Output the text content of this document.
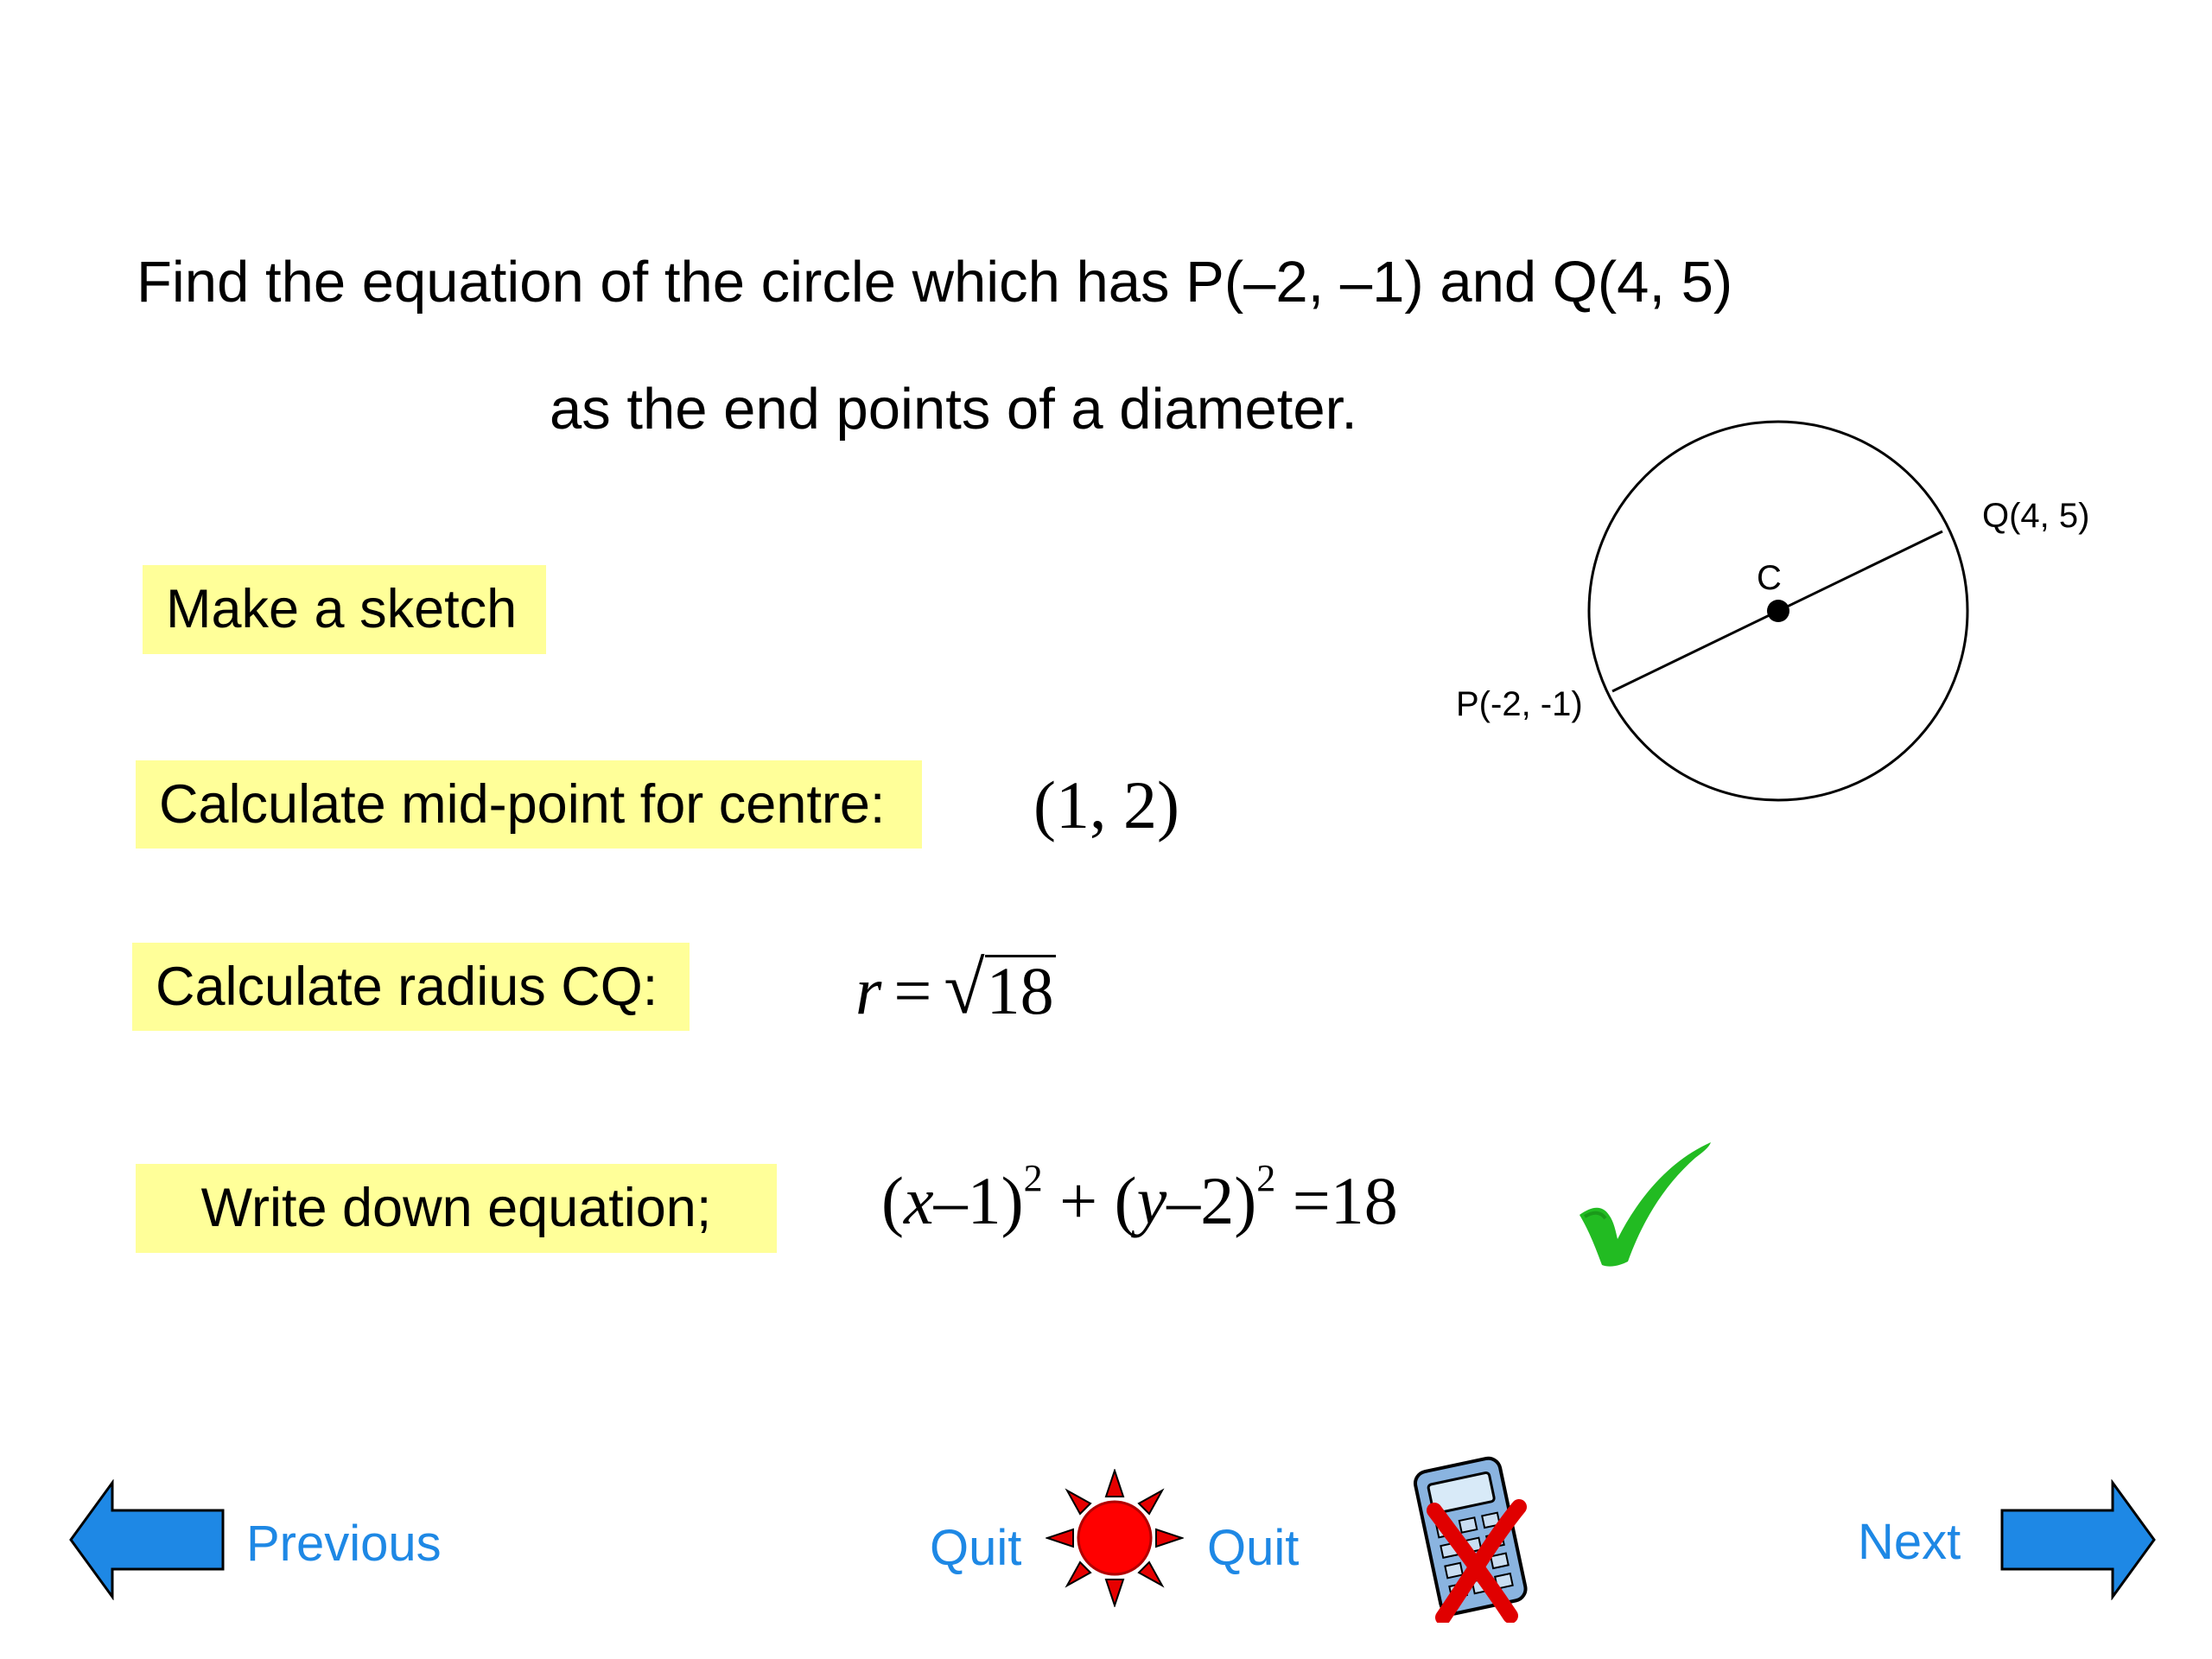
Find the equation of the circle which has P(–2, –1) and Q(4, 5)
as the end points of a diameter.
Make a sketch
Calculate mid-point for centre:
Calculate radius CQ:
Write down equation;
(1, 2)
r = √ 18
$(x-1)^2 + (y-2)^2 =18$
C
Q(4, 5)
P(-2, -1)
Previous	Quit	Quit	Next
